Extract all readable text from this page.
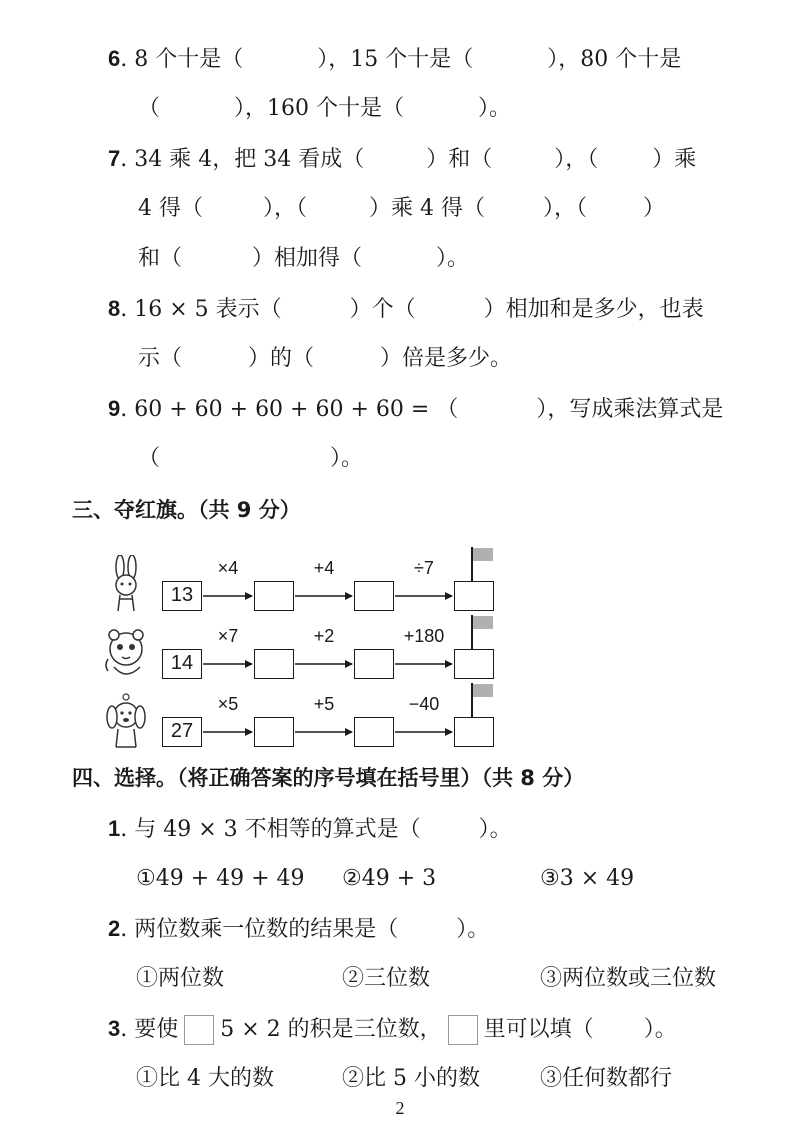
6. 8 个十是（	），15 个十是（	），80 个十是
（	），160 个十是（	）。
7. 34 乘 4，把 34 看成（	）和（	），（ ）乘
4 得（	），（	）乘 4 得（	），（	）
和（	）相加得（	）。
8. 16 × 5 表示（	）个（	）相加和是多少，也表
示（	）的（	）倍是多少。
9. 60 + 60 + 60 + 60 + 60 = （	），写成乘法算式是
（	）。
三、夺红旗。（共 9 分）
13
×4	+4	÷7
14
×7	+2	+180
27
×5	+5	−40
四、选择。（将正确答案的序号填在括号里）（共 8 分）
1. 与 49 × 3 不相等的算式是（	）。
①49 + 49 + 49 ②49 + 3	③3 × 49
2. 两位数乘一位数的结果是（	）。
①两位数	②三位数	③两位数或三位数
3. 要使 5 × 2 的积是三位数， 里可以填（ ）。
①比 4 大的数	②比 5 小的数	③任何数都行
2
